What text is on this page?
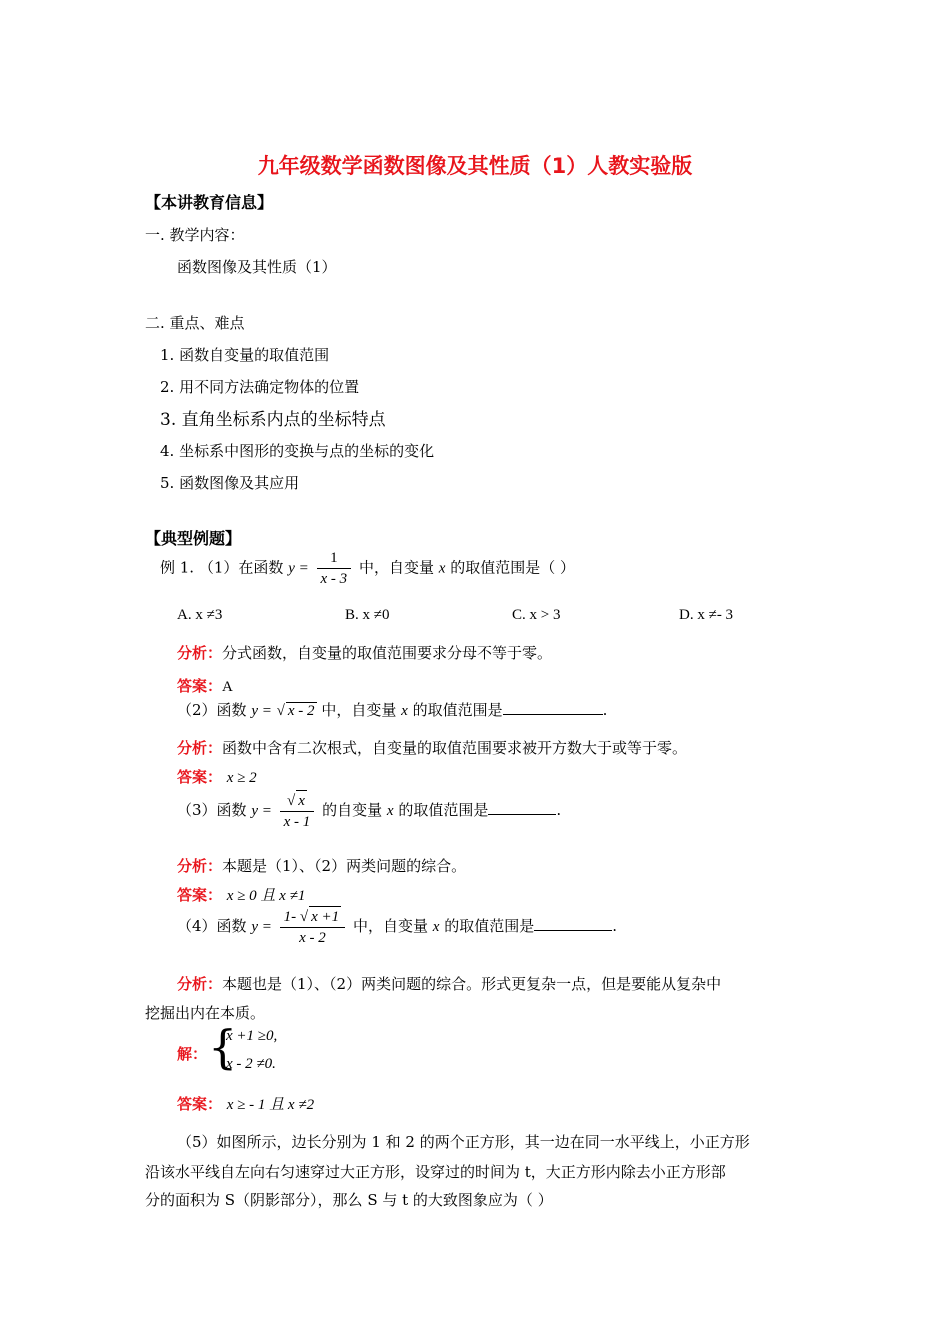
九年级数学函数图像及其性质（1）人教实验版
【本讲教育信息】
一. 教学内容：
函数图像及其性质（1）
二. 重点、难点
1. 函数自变量的取值范围
2. 用不同方法确定物体的位置
3. 直角坐标系内点的坐标特点
4. 坐标系中图形的变换与点的坐标的变化
5. 函数图像及其应用
【典型例题】
例 1. （1）在函数 $y = \frac{1}{x - 3}$ 中，自变量 x 的取值范围是（ ）
A. x ≠3	B. x ≠0	C. x > 3	D. x ≠- 3
分析：分式函数，自变量的取值范围要求分母不等于零。
答案：A
（2）函数 y = √ x - 2 中，自变量 x 的取值范围是	.
分析：函数中含有二次根式，自变量的取值范围要求被开方数大于或等于零。
答案： x ≥ 2
（3）函数 $y = \frac{√ x}{x - 1}$ 的自变量 x 的取值范围是	.
分析：本题是（1）、（2）两类问题的综合。
答案： x ≥ 0 且 x ≠1
（4）函数 $y = \frac{1- √ x +1}{x - 2}$ 中，自变量 x 的取值范围是	.
分析：本题也是（1）、（2）两类问题的综合。形式更复杂一点，但是要能从复杂中
挖掘出内在本质。
解： {
x +1 ≥0,
x - 2 ≠0.
答案： x ≥ - 1 且 x ≠2
（5）如图所示，边长分别为 1 和 2 的两个正方形，其一边在同一水平线上，小正方形
沿该水平线自左向右匀速穿过大正方形，设穿过的时间为 t，大正方形内除去小正方形部
分的面积为 S（阴影部分），那么 S 与 t 的大致图象应为（ ）
